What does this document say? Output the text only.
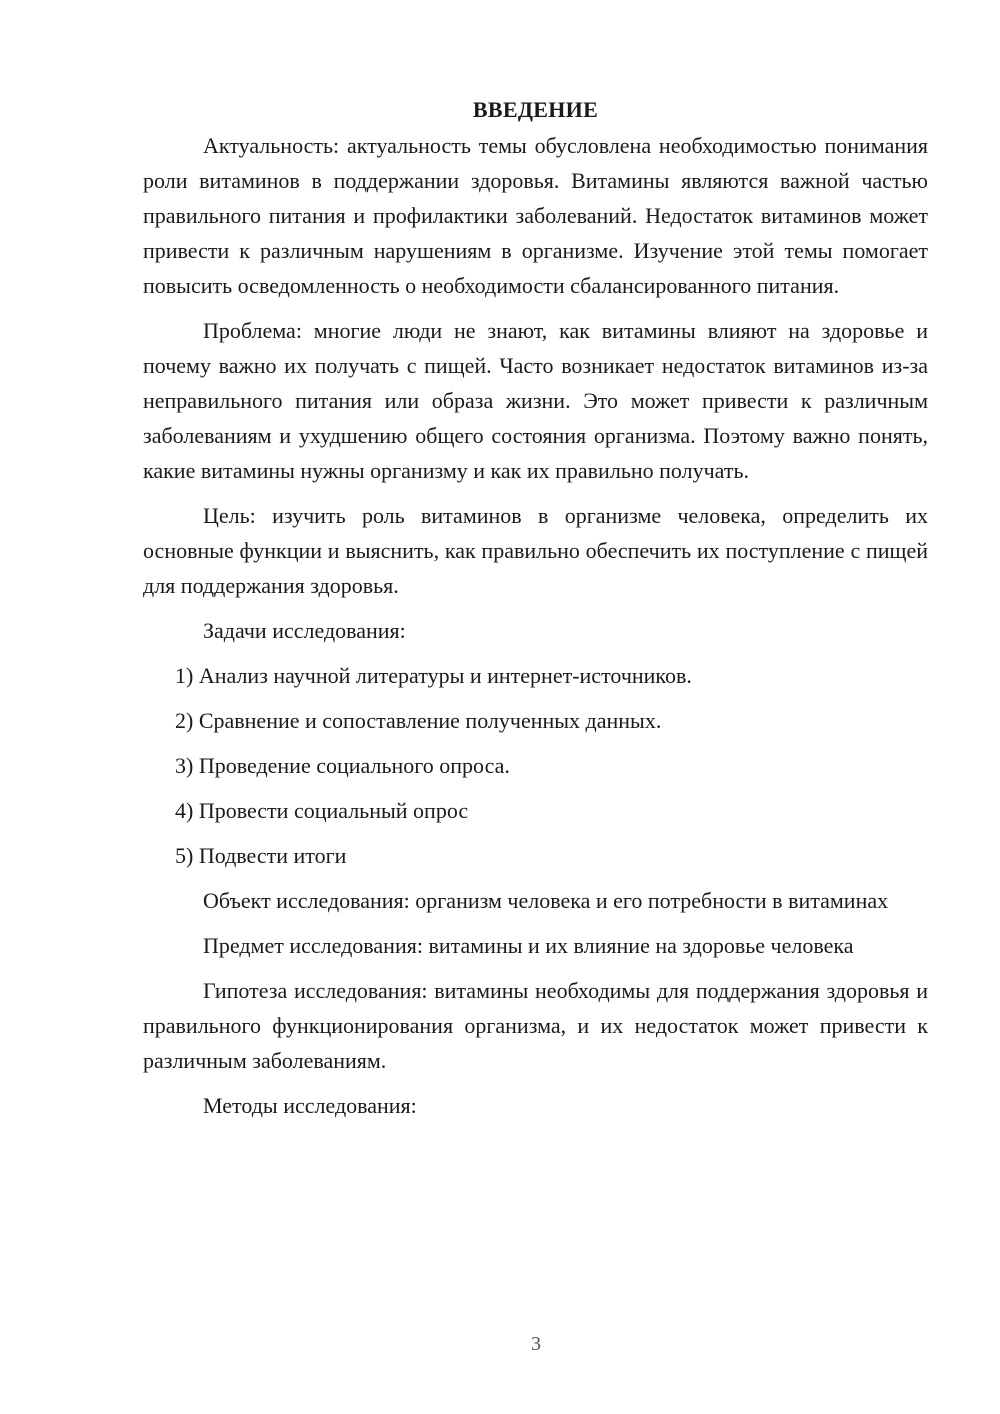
ВВЕДЕНИЕ

Актуальность: актуальность темы обусловлена необходимостью понимания роли витаминов в поддержании здоровья. Витамины являются важной частью правильного питания и профилактики заболеваний. Недостаток витаминов может привести к различным нарушениям в организме. Изучение этой темы помогает повысить осведомленность о необходимости сбалансированного питания.

Проблема: многие люди не знают, как витамины влияют на здоровье и почему важно их получать с пищей. Часто возникает недостаток витаминов из-за неправильного питания или образа жизни. Это может привести к различным заболеваниям и ухудшению общего состояния организма. Поэтому важно понять, какие витамины нужны организму и как их правильно получать.

Цель: изучить роль витаминов в организме человека, определить их основные функции и выяснить, как правильно обеспечить их поступление с пищей для поддержания здоровья.

Задачи исследования:

1) Анализ научной литературы и интернет-источников.
2) Сравнение и сопоставление полученных данных.
3) Проведение социального опроса.
4) Провести социальный опрос
5) Подвести итоги

Объект исследования: организм человека и его потребности в витаминах

Предмет исследования: витамины и их влияние на здоровье человека

Гипотеза исследования: витамины необходимы для поддержания здоровья и правильного функционирования организма, и их недостаток может привести к различным заболеваниям.

Методы исследования:

3
